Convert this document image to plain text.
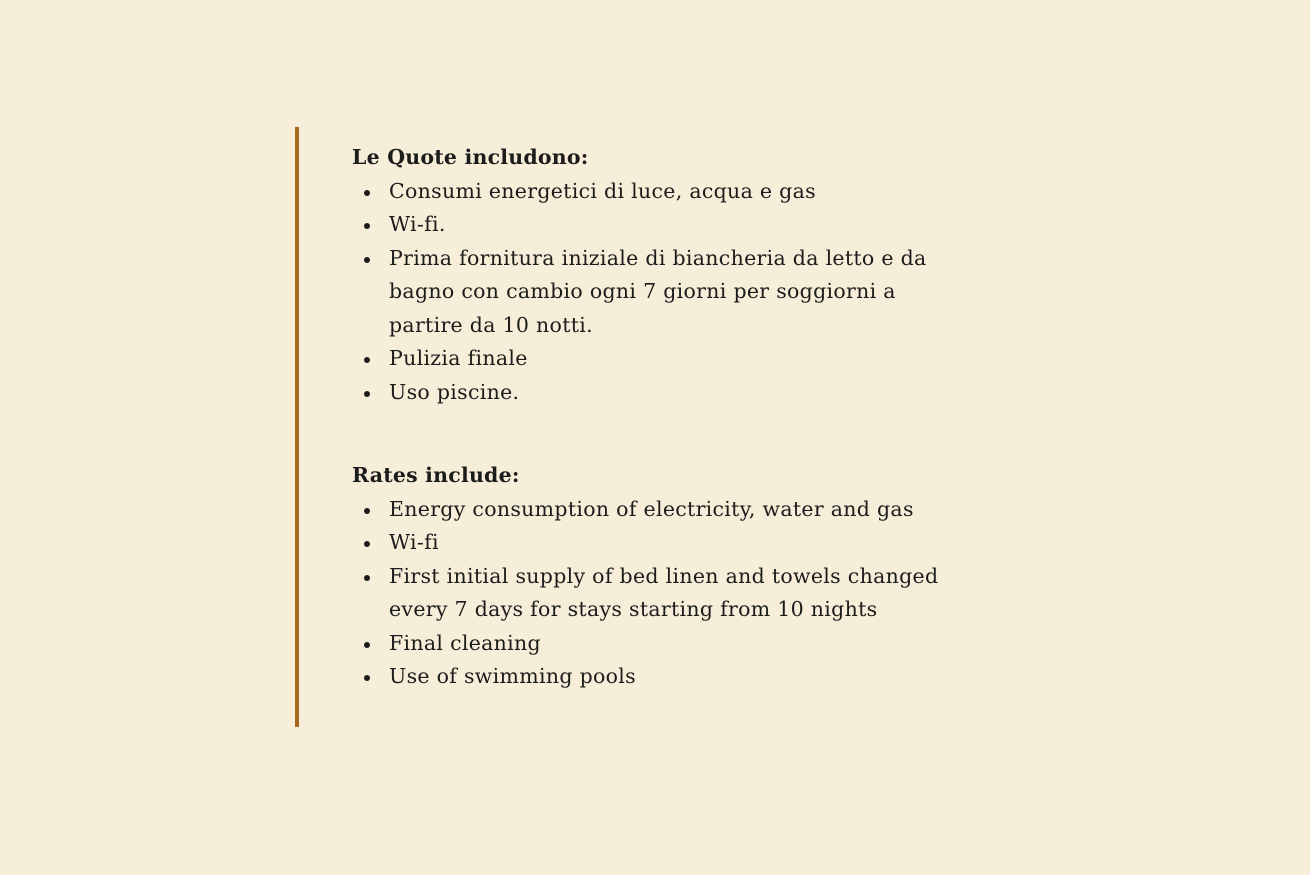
Le Quote includono:
Consumi energetici di luce, acqua e gas
Wi-fi.
Prima fornitura iniziale di biancheria da letto e da bagno con cambio ogni 7 giorni per soggiorni a partire da 10 notti.
Pulizia finale
Uso piscine.
Rates include:
Energy consumption of electricity, water and gas
Wi-fi
First initial supply of bed linen and towels changed every 7 days for stays starting from 10 nights
Final cleaning
Use of swimming pools
